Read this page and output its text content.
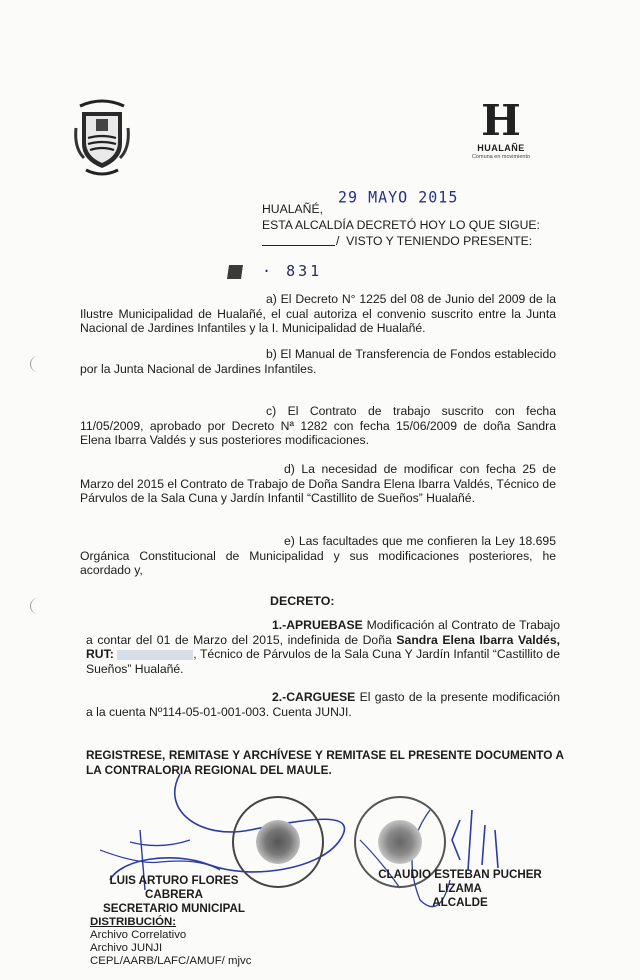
H
HUALAÑE
Comuna en movimiento
HUALAÑÉ,
29 MAYO 2015
ESTA ALCALDÍA DECRETÓ HOY LO QUE SIGUE:
/  VISTO Y TENIENDO PRESENTE:
· 831
a) El Decreto N° 1225 del 08 de Junio del 2009 de la Ilustre Municipalidad de Hualañé, el cual autoriza el convenio suscrito entre la Junta Nacional de Jardines Infantiles y la I. Municipalidad de Hualañé.
b) El Manual de Transferencia de Fondos establecido por la Junta Nacional de Jardines Infantiles.
c) El Contrato de trabajo suscrito con fecha 11/05/2009, aprobado por Decreto Nª 1282 con fecha 15/06/2009 de doña Sandra Elena Ibarra Valdés y sus posteriores modificaciones.
d) La necesidad de modificar con fecha 25 de Marzo del 2015 el Contrato de Trabajo de Doña Sandra Elena Ibarra Valdés, Técnico de Párvulos de la Sala Cuna y Jardín Infantil “Castillito de Sueños” Hualañé.
e) Las facultades que me confieren la Ley 18.695 Orgánica Constitucional de Municipalidad y sus modificaciones posteriores, he acordado y,
DECRETO:
1.-APRUEBASE Modificación al Contrato de Trabajo a contar del 01 de Marzo del 2015, indefinida de Doña Sandra Elena Ibarra Valdés, RUT:	, Técnico de Párvulos de la Sala Cuna Y Jardín Infantil “Castillito de Sueños” Hualañé.
2.-CARGUESE El gasto de la presente modificación a la cuenta Nº114-05-01-001-003. Cuenta JUNJI.
REGISTRESE, REMITASE Y ARCHÍVESE Y REMITASE EL PRESENTE DOCUMENTO A LA CONTRALORIA REGIONAL DEL MAULE.
LUIS ARTURO FLORES CABRERA
SECRETARIO MUNICIPAL
CLAUDIO ESTEBAN PUCHER LIZAMA
ALCALDE
DISTRIBUCIÓN:
Archivo Correlativo
Archivo JUNJI
CEPL/AARB/LAFC/AMUF/ mjvc
